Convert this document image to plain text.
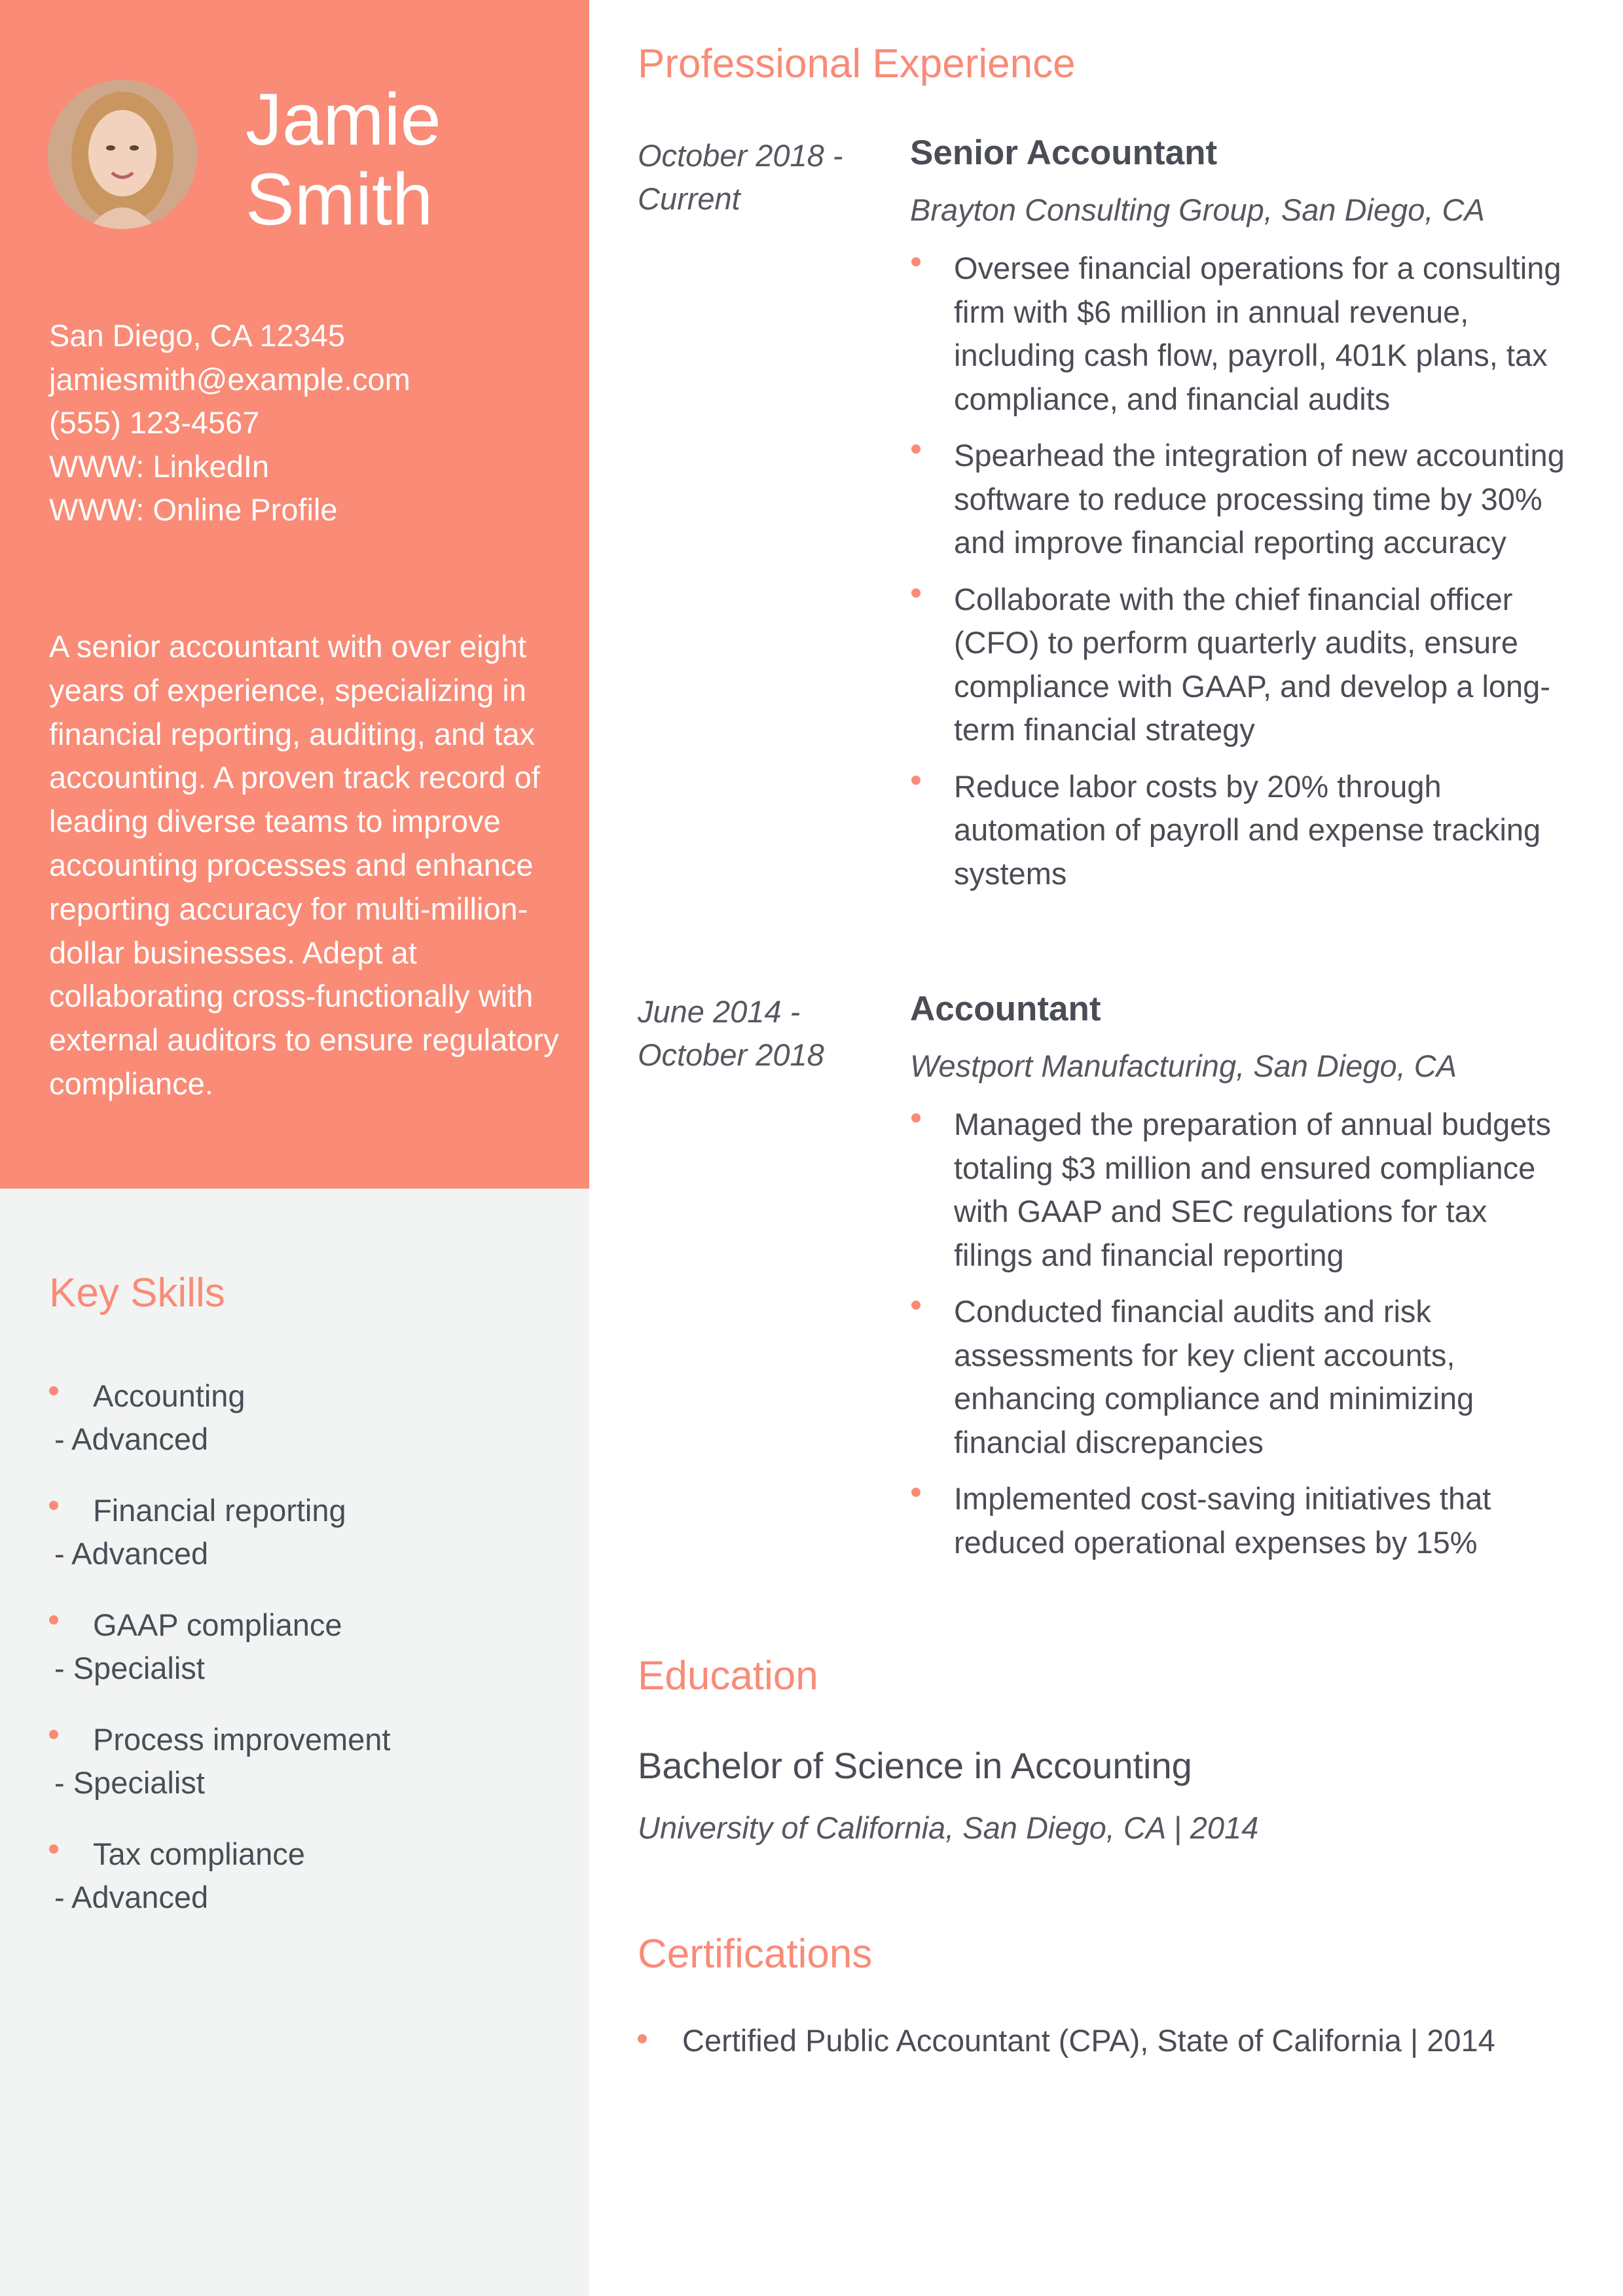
Jamie
Smith
San Diego, CA 12345
jamiesmith@example.com
(555) 123-4567
WWW: LinkedIn
WWW: Online Profile
A senior accountant with over eight years of experience, specializing in financial reporting, auditing, and tax accounting. A proven track record of leading diverse teams to improve accounting processes and enhance reporting accuracy for multi-million-dollar businesses. Adept at collaborating cross-functionally with external auditors to ensure regulatory compliance.
Key Skills
Accounting
- Advanced
Financial reporting
- Advanced
GAAP compliance
- Specialist
Process improvement
- Specialist
Tax compliance
- Advanced
Professional Experience
October 2018 -
Current
Senior Accountant
Brayton Consulting Group, San Diego, CA
Oversee financial operations for a consulting firm with $6 million in annual revenue, including cash flow, payroll, 401K plans, tax compliance, and financial audits
Spearhead the integration of new accounting software to reduce processing time by 30% and improve financial reporting accuracy
Collaborate with the chief financial officer (CFO) to perform quarterly audits, ensure compliance with GAAP, and develop a long-term financial strategy
Reduce labor costs by 20% through automation of payroll and expense tracking systems
June 2014 -
October 2018
Accountant
Westport Manufacturing, San Diego, CA
Managed the preparation of annual budgets totaling $3 million and ensured compliance with GAAP and SEC regulations for tax filings and financial reporting
Conducted financial audits and risk assessments for key client accounts, enhancing compliance and minimizing financial discrepancies
Implemented cost-saving initiatives that reduced operational expenses by 15%
Education
Bachelor of Science in Accounting
University of California, San Diego, CA | 2014
Certifications
Certified Public Accountant (CPA), State of California | 2014
